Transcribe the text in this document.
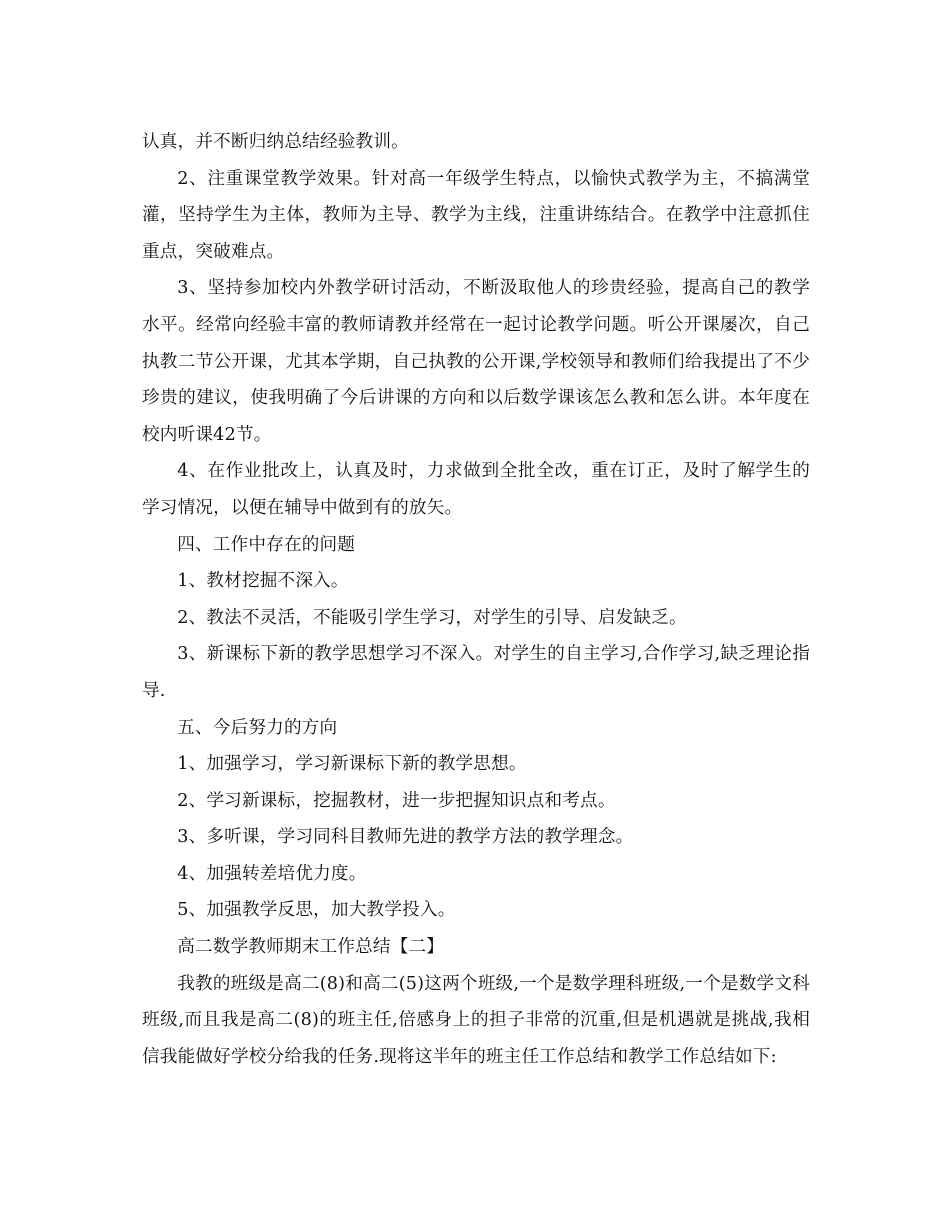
认真，并不断归纳总结经验教训。

2、注重课堂教学效果。针对高一年级学生特点，以愉快式教学为主，不搞满堂灌，坚持学生为主体，教师为主导、教学为主线，注重讲练结合。在教学中注意抓住重点，突破难点。

3、坚持参加校内外教学研讨活动，不断汲取他人的珍贵经验，提高自己的教学水平。经常向经验丰富的教师请教并经常在一起讨论教学问题。听公开课屡次，自己执教二节公开课，尤其本学期，自己执教的公开课,学校领导和教师们给我提出了不少珍贵的建议，使我明确了今后讲课的方向和以后数学课该怎么教和怎么讲。本年度在校内听课42节。

4、在作业批改上，认真及时，力求做到全批全改，重在订正，及时了解学生的学习情况，以便在辅导中做到有的放矢。

四、工作中存在的问题

1、教材挖掘不深入。

2、教法不灵活，不能吸引学生学习，对学生的引导、启发缺乏。

3、新课标下新的教学思想学习不深入。对学生的自主学习,合作学习,缺乏理论指导.

五、今后努力的方向

1、加强学习，学习新课标下新的教学思想。

2、学习新课标，挖掘教材，进一步把握知识点和考点。

3、多听课，学习同科目教师先进的教学方法的教学理念。

4、加强转差培优力度。

5、加强教学反思，加大教学投入。

高二数学教师期末工作总结【二】

我教的班级是高二(8)和高二(5)这两个班级,一个是数学理科班级,一个是数学文科班级,而且我是高二(8)的班主任,倍感身上的担子非常的沉重,但是机遇就是挑战,我相信我能做好学校分给我的任务.现将这半年的班主任工作总结和教学工作总结如下:
